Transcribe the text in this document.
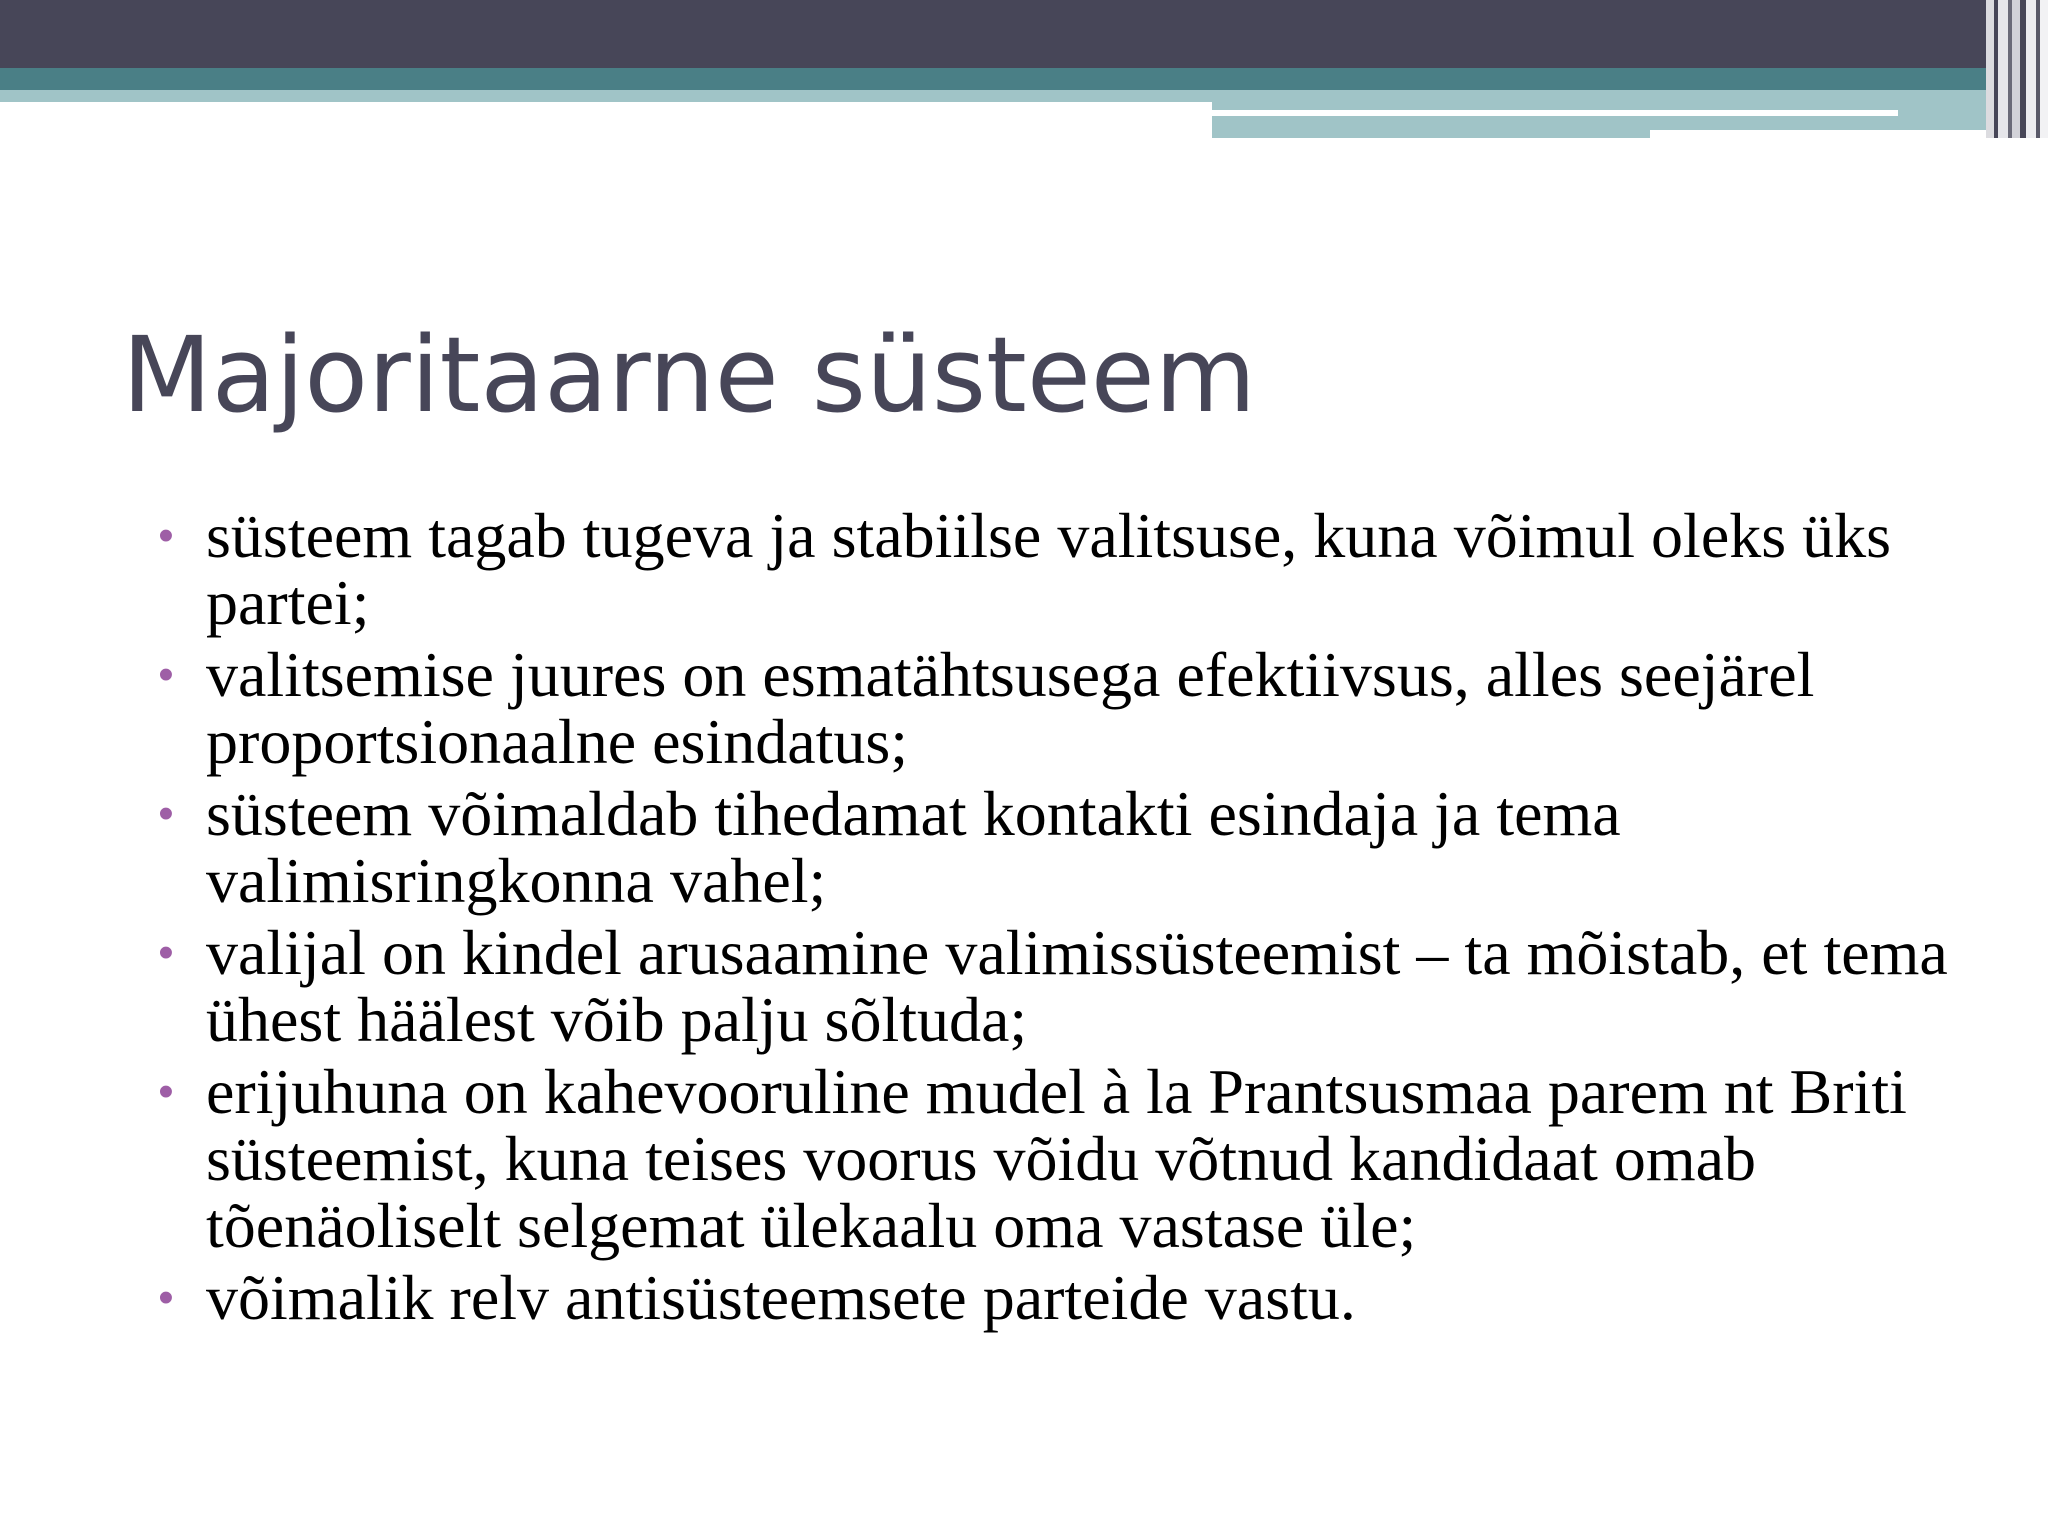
Majoritaarne süsteem
• süsteem tagab tugeva ja stabiilse valitsuse, kuna võimul oleks üks partei;
• valitsemise juures on esmatähtsusega efektiivsus, alles seejärel proportsionaalne esindatus;
• süsteem võimaldab tihedamat kontakti esindaja ja tema valimisringkonna vahel;
• valijal on kindel arusaamine valimissüsteemist – ta mõistab, et tema ühest häälest võib palju sõltuda;
• erijuhuna on kahevooruline mudel à la Prantsusmaa parem nt Briti süsteemist, kuna teises voorus võidu võtnud kandidaat omab tõenäoliselt selgemat ülekaalu oma vastase üle;
• võimalik relv antisüsteemsete parteide vastu.
